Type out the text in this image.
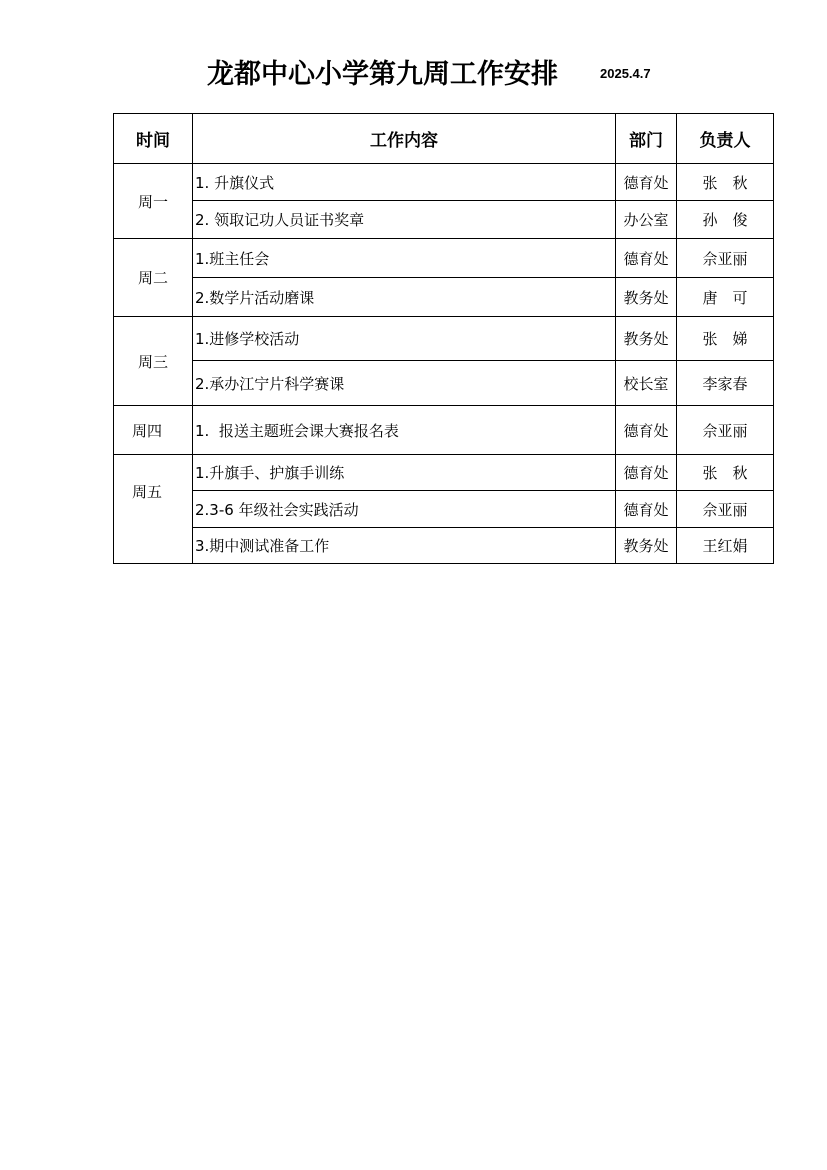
龙都中心小学第九周工作安排	2025.4.7
时间	工作内容	部门	负责人
周一	1. 升旗仪式	德育处	张　秋
	2. 领取记功人员证书奖章	办公室	孙　俊
周二	1.班主任会	德育处	佘亚丽
	2.数学片活动磨课	教务处	唐　可
周三	1.进修学校活动	教务处	张　娣
	2.承办江宁片科学赛课	校长室	李家春
周四	1.  报送主题班会课大赛报名表	德育处	佘亚丽
周五	1.升旗手、护旗手训练	德育处	张　秋
	2.3-6 年级社会实践活动	德育处	佘亚丽
	3.期中测试准备工作	教务处	王红娟
